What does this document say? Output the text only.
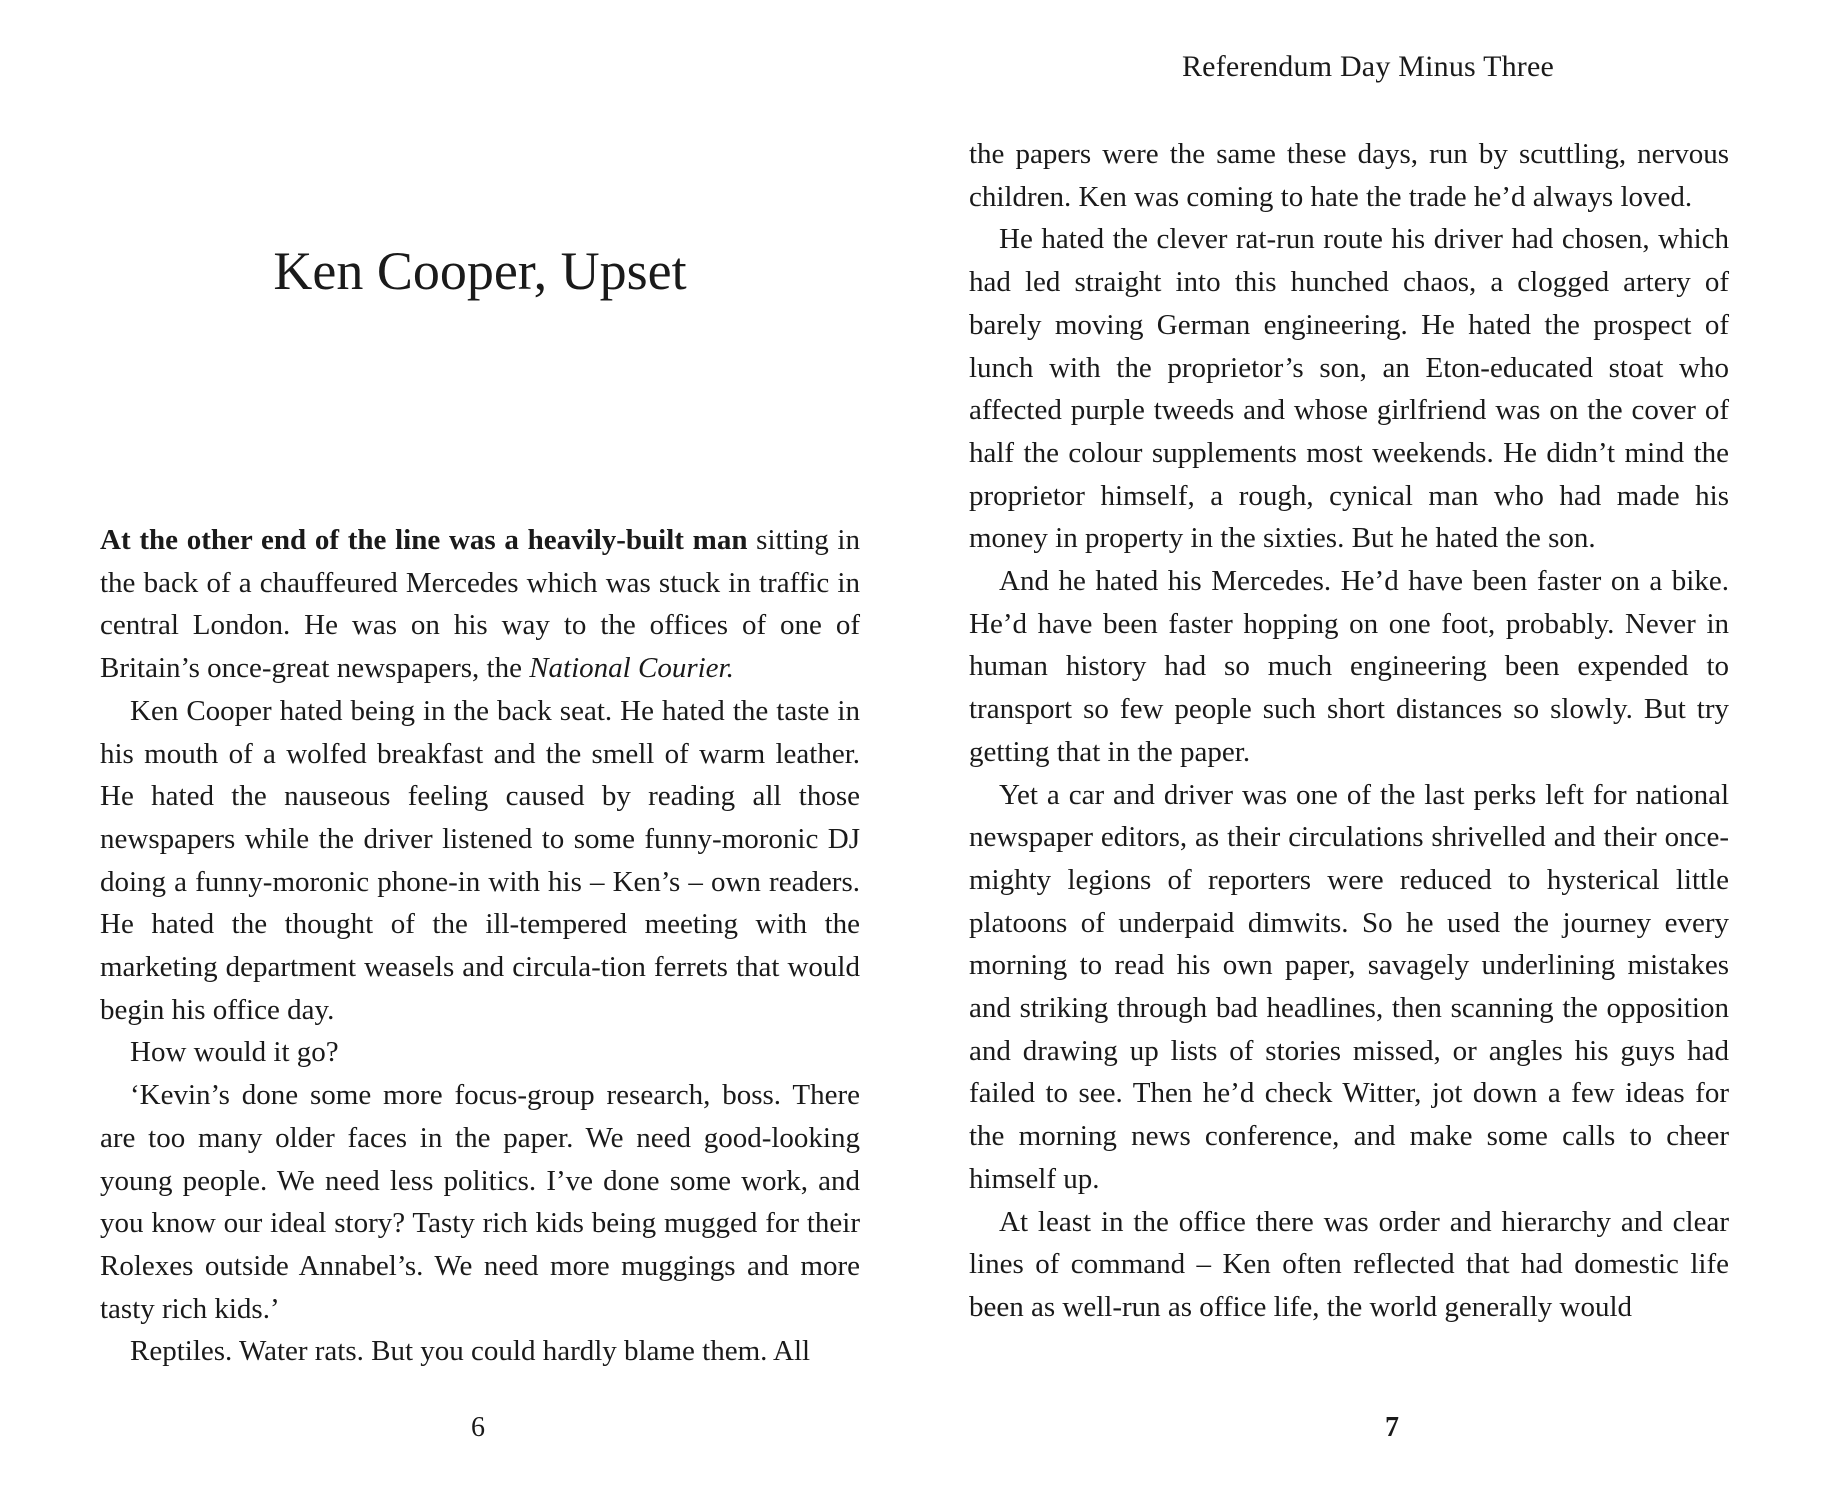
Ken Cooper, Upset

At the other end of the line was a heavily-built man sitting in the back of a chauffeured Mercedes which was stuck in traffic in central London. He was on his way to the offices of one of Britain’s once-great newspapers, the National Courier.

Ken Cooper hated being in the back seat. He hated the taste in his mouth of a wolfed breakfast and the smell of warm leather. He hated the nauseous feeling caused by reading all those newspapers while the driver listened to some funny-moronic DJ doing a funny-moronic phone-in with his – Ken’s – own readers. He hated the thought of the ill-tempered meeting with the marketing department weasels and circula-tion ferrets that would begin his office day.

How would it go?

‘Kevin’s done some more focus-group research, boss. There are too many older faces in the paper. We need good-looking young people. We need less politics. I’ve done some work, and you know our ideal story? Tasty rich kids being mugged for their Rolexes outside Annabel’s. We need more muggings and more tasty rich kids.’

Reptiles. Water rats. But you could hardly blame them. All

6
Referendum Day Minus Three

the papers were the same these days, run by scuttling, nervous children. Ken was coming to hate the trade he’d always loved.

He hated the clever rat-run route his driver had chosen, which had led straight into this hunched chaos, a clogged artery of barely moving German engineering. He hated the prospect of lunch with the proprietor’s son, an Eton-educated stoat who affected purple tweeds and whose girlfriend was on the cover of half the colour supplements most weekends. He didn’t mind the proprietor himself, a rough, cynical man who had made his money in property in the sixties. But he hated the son.

And he hated his Mercedes. He’d have been faster on a bike. He’d have been faster hopping on one foot, probably. Never in human history had so much engineering been expended to transport so few people such short distances so slowly. But try getting that in the paper.

Yet a car and driver was one of the last perks left for national newspaper editors, as their circulations shrivelled and their once-mighty legions of reporters were reduced to hysterical little platoons of underpaid dimwits. So he used the journey every morning to read his own paper, savagely underlining mistakes and striking through bad headlines, then scanning the opposition and drawing up lists of stories missed, or angles his guys had failed to see. Then he’d check Witter, jot down a few ideas for the morning news conference, and make some calls to cheer himself up.

At least in the office there was order and hierarchy and clear lines of command – Ken often reflected that had domestic life been as well-run as office life, the world generally would

7
